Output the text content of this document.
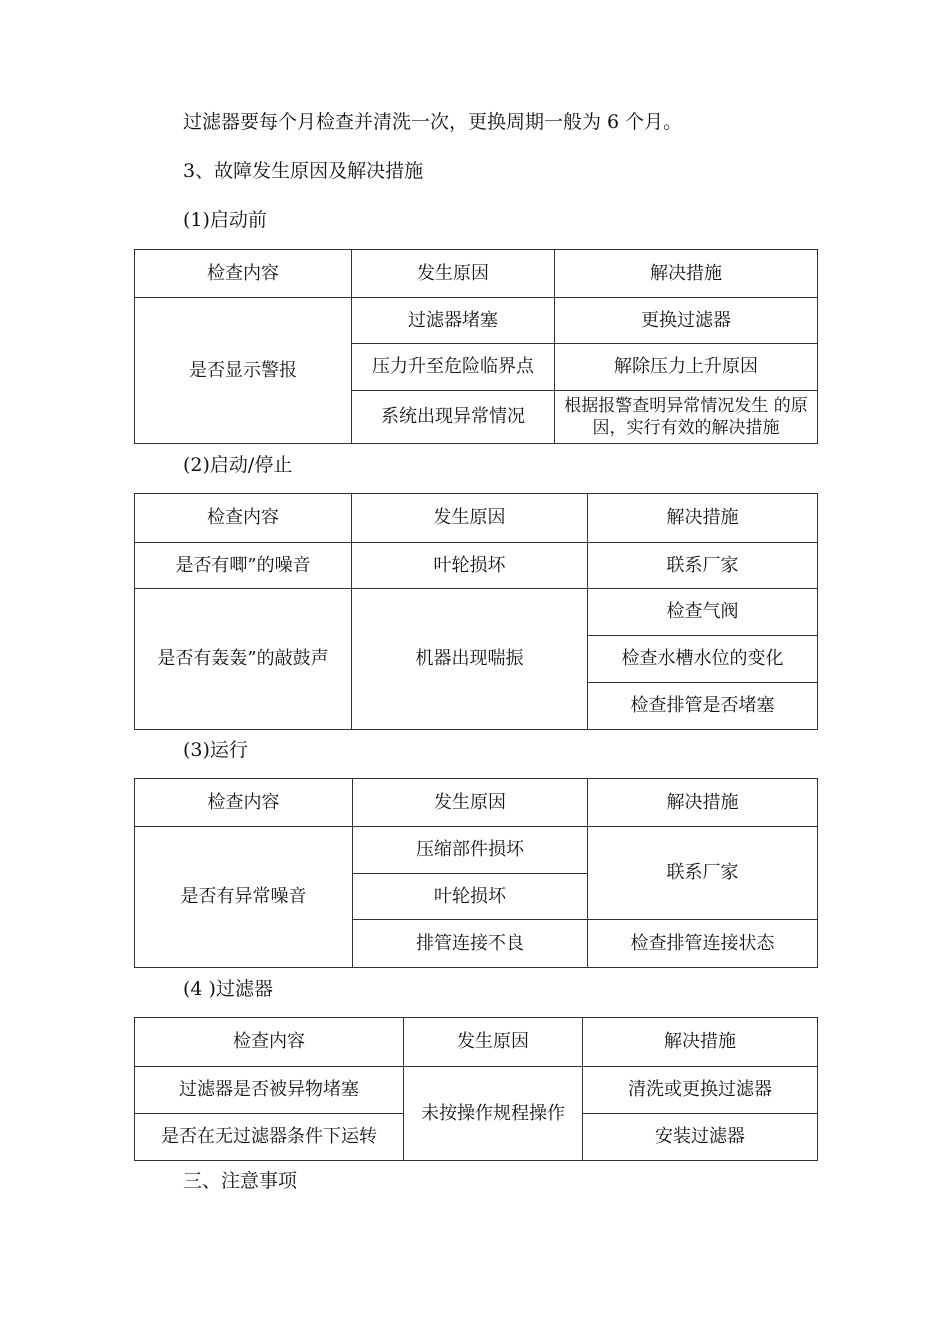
过滤器要每个月检查并清洗一次，更换周期一般为 6 个月。
3、故障发生原因及解决措施
(1)启动前
检查内容	发生原因	解决措施
是否显示警报	过滤器堵塞	更换过滤器
	压力升至危险临界点	解除压力上升原因
	系统出现异常情况	根据报警查明异常情况发生 的原因，实行有效的解决措施
(2)启动/停止
检查内容	发生原因	解决措施
是否有唧”的噪音	叶轮损坏	联系厂家
是否有轰轰”的敲鼓声	机器出现喘振	检查气阀
		检查水槽水位的变化
		检查排管是否堵塞
(3)运行
检查内容	发生原因	解决措施
是否有异常噪音	压缩部件损坏	联系厂家
	叶轮损坏	
	排管连接不良	检查排管连接状态
(4 )过滤器
检查内容	发生原因	解决措施
过滤器是否被异物堵塞	未按操作规程操作	清洗或更换过滤器
是否在无过滤器条件下运转		安装过滤器
三、注意事项
